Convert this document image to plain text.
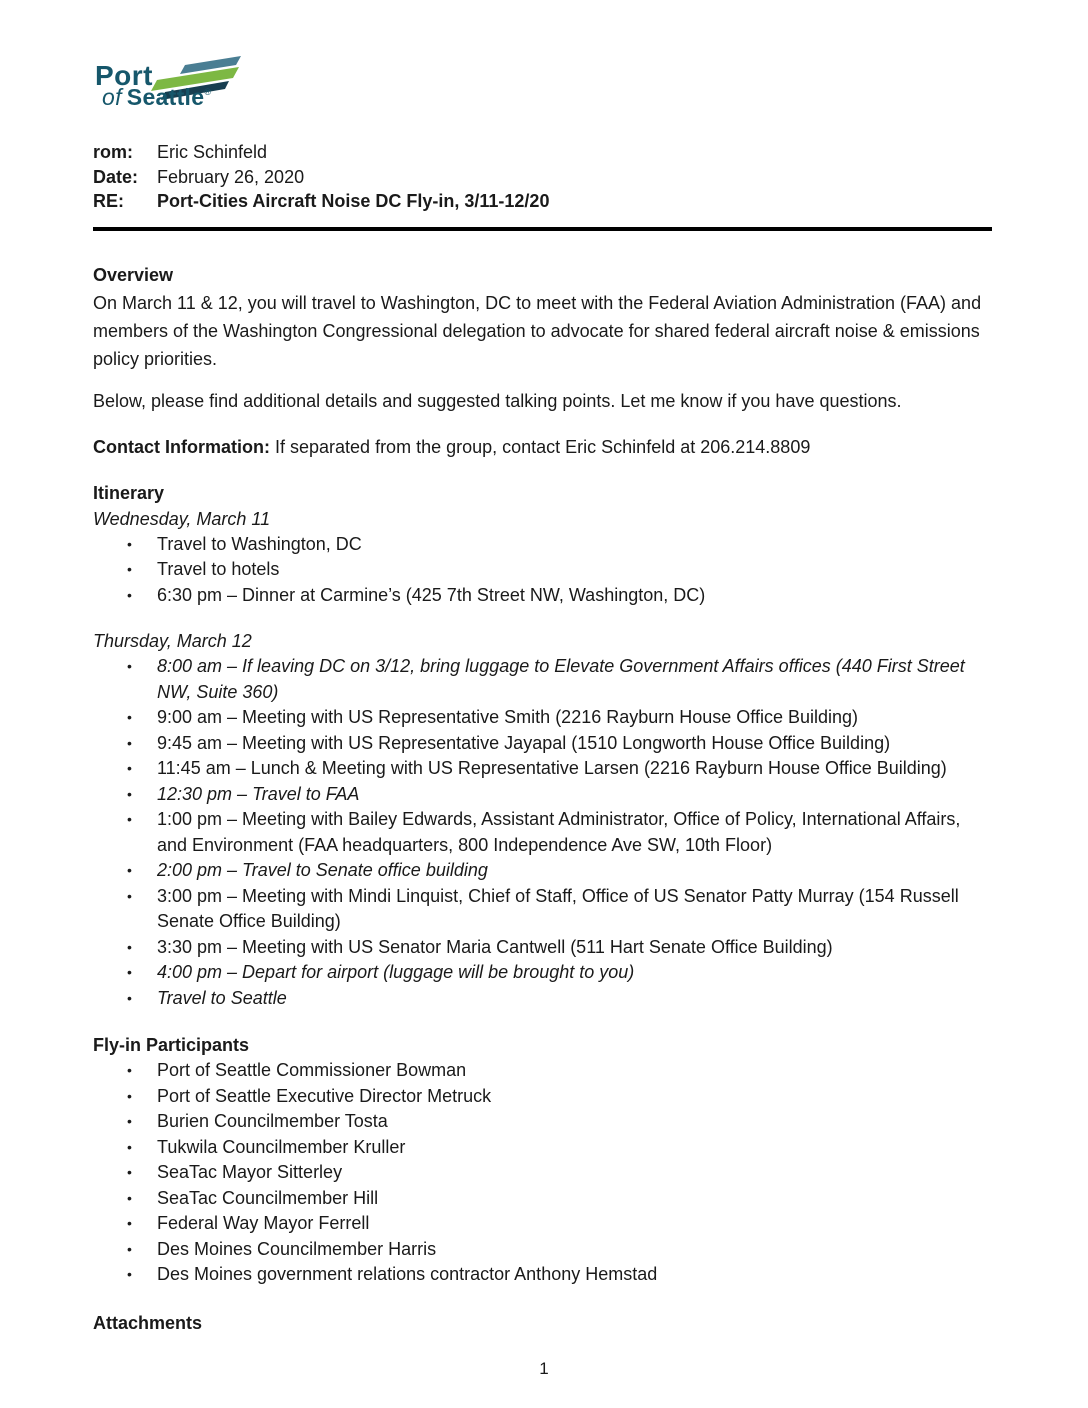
Port
of Seattle®
rom:	Eric Schinfeld
Date:	February 26, 2020
RE:	Port-Cities Aircraft Noise DC Fly-in, 3/11-12/20
Overview
On March 11 & 12, you will travel to Washington, DC to meet with the Federal Aviation Administration (FAA) and members of the Washington Congressional delegation to advocate for shared federal aircraft noise & emissions policy priorities.
Below, please find additional details and suggested talking points. Let me know if you have questions.
Contact Information: If separated from the group, contact Eric Schinfeld at 206.214.8809
Itinerary
Wednesday, March 11
•	Travel to Washington, DC
•	Travel to hotels
•	6:30 pm – Dinner at Carmine’s (425 7th Street NW, Washington, DC)
Thursday, March 12
•	8:00 am – If leaving DC on 3/12, bring luggage to Elevate Government Affairs offices (440 First Street NW, Suite 360)
•	9:00 am – Meeting with US Representative Smith (2216 Rayburn House Office Building)
•	9:45 am – Meeting with US Representative Jayapal (1510 Longworth House Office Building)
•	11:45 am – Lunch & Meeting with US Representative Larsen (2216 Rayburn House Office Building)
•	12:30 pm – Travel to FAA
•	1:00 pm – Meeting with Bailey Edwards, Assistant Administrator, Office of Policy, International Affairs, and Environment (FAA headquarters, 800 Independence Ave SW, 10th Floor)
•	2:00 pm – Travel to Senate office building
•	3:00 pm – Meeting with Mindi Linquist, Chief of Staff, Office of US Senator Patty Murray (154 Russell Senate Office Building)
•	3:30 pm – Meeting with US Senator Maria Cantwell (511 Hart Senate Office Building)
•	4:00 pm – Depart for airport (luggage will be brought to you)
•	Travel to Seattle
Fly-in Participants
•	Port of Seattle Commissioner Bowman
•	Port of Seattle Executive Director Metruck
•	Burien Councilmember Tosta
•	Tukwila Councilmember Kruller
•	SeaTac Mayor Sitterley
•	SeaTac Councilmember Hill
•	Federal Way Mayor Ferrell
•	Des Moines Councilmember Harris
•	Des Moines government relations contractor Anthony Hemstad
Attachments
1
